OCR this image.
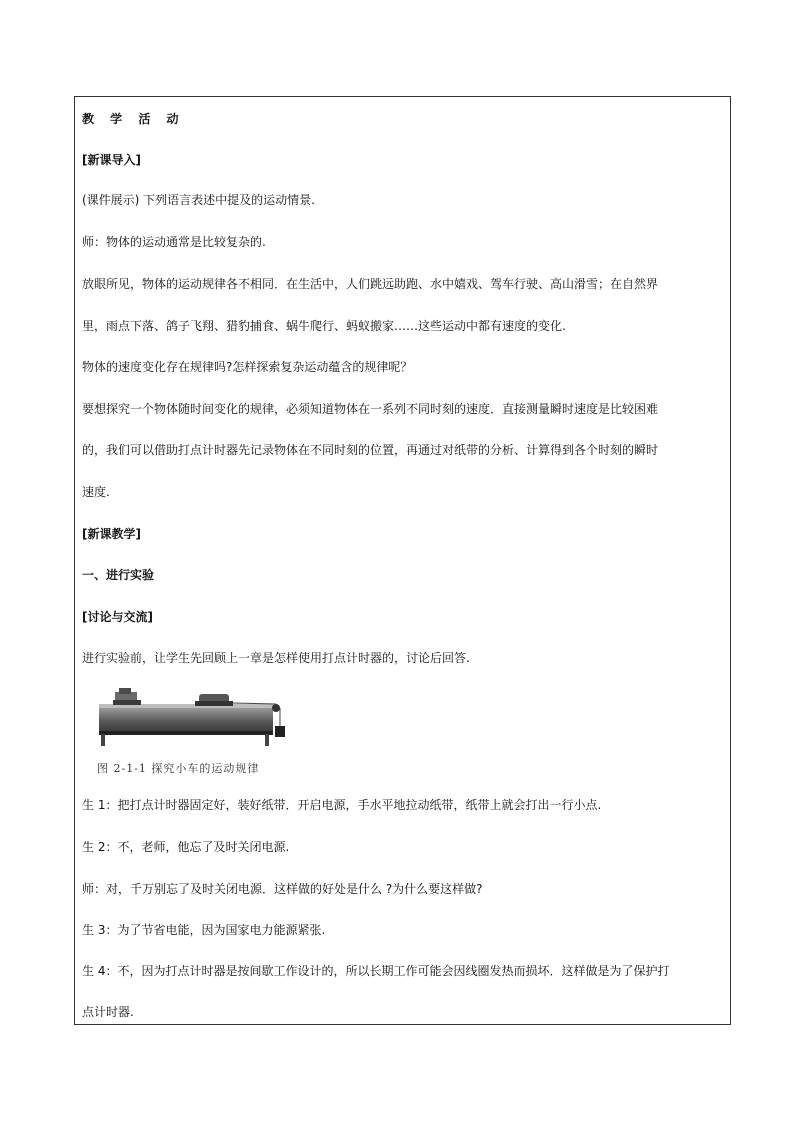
教 学 活 动
[新课导入]
(课件展示) 下列语言表述中提及的运动情景.
师：物体的运动通常是比较复杂的.
放眼所见，物体的运动规律各不相同．在生活中，人们跳远助跑、水中嬉戏、驾车行驶、高山滑雪；在自然界
里，雨点下落、鸽子飞翔、猎豹捕食、蜗牛爬行、蚂蚁搬家……这些运动中都有速度的变化.
物体的速度变化存在规律吗?怎样探索复杂运动蕴含的规律呢？
要想探究一个物体随时间变化的规律，必须知道物体在一系列不同时刻的速度．直接测量瞬时速度是比较困难
的，我们可以借助打点计时器先记录物体在不同时刻的位置，再通过对纸带的分析、计算得到各个时刻的瞬时
速度.
[新课教学]
一、进行实验
[讨论与交流]
进行实验前，让学生先回顾上一章是怎样使用打点计时器的，讨论后回答.
图 2-1-1 探究小车的运动规律
生 1：把打点计时器固定好，装好纸带．开启电源，手水平地拉动纸带，纸带上就会打出一行小点.
生 2：不，老师，他忘了及时关闭电源.
师：对，千万别忘了及时关闭电源．这样做的好处是什么 ?为什么要这样做?
生 3：为了节省电能，因为国家电力能源紧张.
生 4：不，因为打点计时器是按间歇工作设计的，所以长期工作可能会因线圈发热而损坏．这样做是为了保护打
点计时器.
